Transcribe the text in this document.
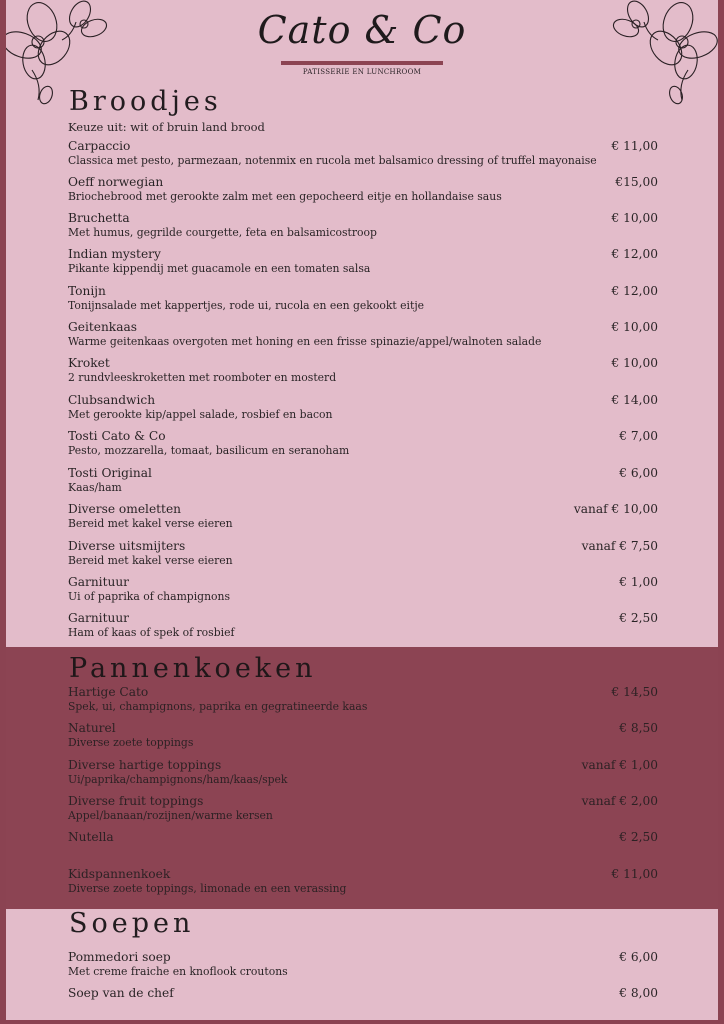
Cato & Co
PATISSERIE EN LUNCHROOM
Broodjes
Keuze uit: wit of bruin land brood
Carpaccio
Classica met pesto, parmezaan, notenmix en rucola met balsamico dressing of truffel mayonaise
€ 11,00
Oeff norwegian
Briochebrood met gerookte zalm met een gepocheerd eitje en hollandaise saus
€15,00
Bruchetta
Met humus, gegrilde courgette, feta en balsamicostroop
€ 10,00
Indian mystery
Pikante kippendij met guacamole en een tomaten salsa
€ 12,00
Tonijn
Tonijnsalade met kappertjes, rode ui, rucola en een gekookt eitje
€ 12,00
Geitenkaas
Warme geitenkaas overgoten met honing en een frisse spinazie/appel/walnoten salade
€ 10,00
Kroket
2 rundvleeskroketten met roomboter en mosterd
€ 10,00
Clubsandwich
Met gerookte kip/appel salade, rosbief en bacon
€ 14,00
Tosti Cato & Co
Pesto, mozzarella, tomaat, basilicum en seranoham
€ 7,00
Tosti Original
Kaas/ham
€ 6,00
Diverse omeletten
Bereid met kakel verse eieren
vanaf € 10,00
Diverse uitsmijters
Bereid met kakel verse eieren
vanaf € 7,50
Garnituur
Ui of paprika of champignons
€ 1,00
Garnituur
Ham of kaas of spek of rosbief
€ 2,50
Pannenkoeken
Hartige Cato
Spek, ui, champignons, paprika en gegratineerde kaas
€ 14,50
Naturel
Diverse zoete toppings
€ 8,50
Diverse hartige toppings
Ui/paprika/champignons/ham/kaas/spek
vanaf € 1,00
Diverse fruit toppings
Appel/banaan/rozijnen/warme kersen
vanaf € 2,00
Nutella	€ 2,50
Kidspannenkoek
Diverse zoete toppings, limonade en een verassing
€ 11,00
Soepen
Pommedori soep
Met creme fraiche en knoflook croutons
€ 6,00
Soep van de chef	€ 8,00
